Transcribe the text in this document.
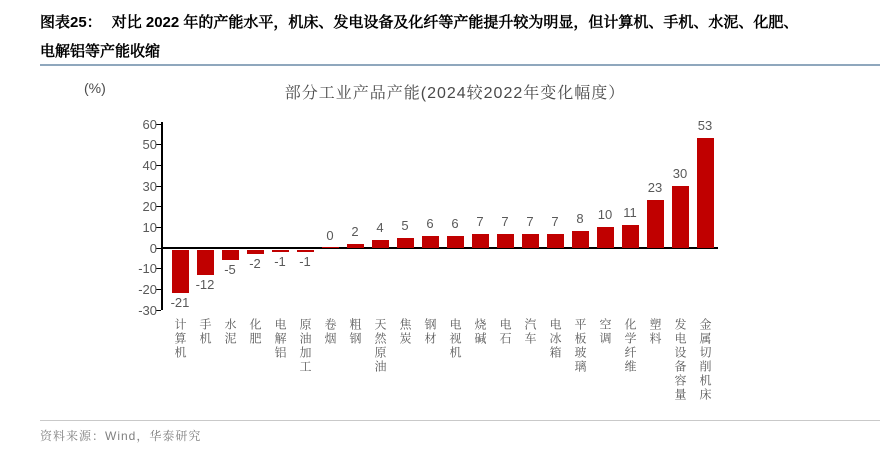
图表25： 对比 2022 年的产能水平，机床、发电设备及化纤等产能提升较为明显，但计算机、手机、水泥、化肥、
电解铝等产能收缩
(%)	部分工业产品产能(2024较2022年变化幅度）
60
50
40
30
20
10
0
-10
-20
-30	-21
计算机
-12
手机
-5
水泥
-2
化肥
-1
电解铝
-1
原油加工
0
卷烟
2
粗钢
4
天然原油
5
焦炭
6
钢材
6
电视机
7
烧碱
7
电石
7
汽车
7
电冰箱
8
平板玻璃
10
空调
11
化学纤维
23
塑料
30
发电设备容量
53
金属切削机床
资料来源：Wind，华泰研究
